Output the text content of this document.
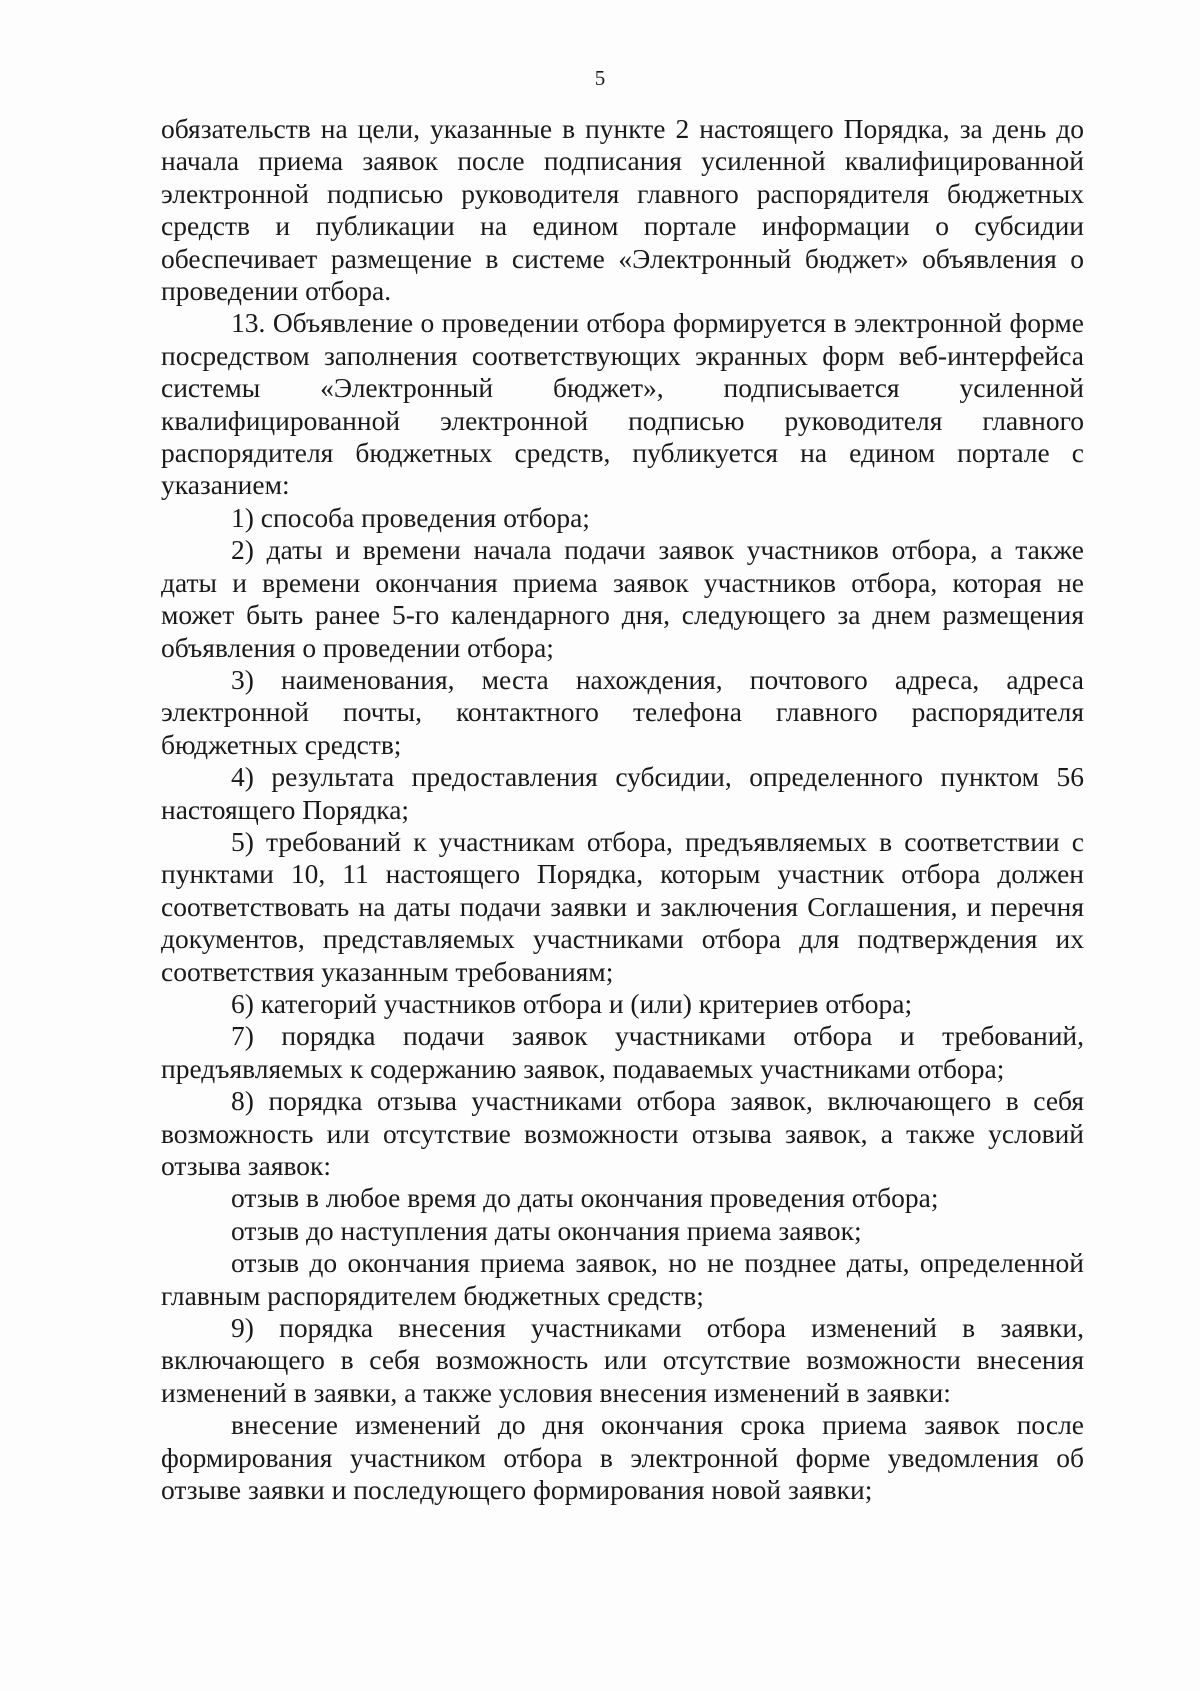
5

обязательств на цели, указанные в пункте 2 настоящего Порядка, за день до начала приема заявок после подписания усиленной квалифицированной электронной подписью руководителя главного распорядителя бюджетных средств и публикации на едином портале информации о субсидии обеспечивает размещение в системе «Электронный бюджет» объявления о проведении отбора.

13. Объявление о проведении отбора формируется в электронной форме посредством заполнения соответствующих экранных форм веб-интерфейса системы «Электронный бюджет», подписывается усиленной квалифицированной электронной подписью руководителя главного распорядителя бюджетных средств, публикуется на едином портале с указанием:

1) способа проведения отбора;

2) даты и времени начала подачи заявок участников отбора, а также даты и времени окончания приема заявок участников отбора, которая не может быть ранее 5-го календарного дня, следующего за днем размещения объявления о проведении отбора;

3) наименования, места нахождения, почтового адреса, адреса электронной почты, контактного телефона главного распорядителя бюджетных средств;

4) результата предоставления субсидии, определенного пунктом 56 настоящего Порядка;

5) требований к участникам отбора, предъявляемых в соответствии с пунктами 10, 11 настоящего Порядка, которым участник отбора должен соответствовать на даты подачи заявки и заключения Соглашения, и перечня документов, представляемых участниками отбора для подтверждения их соответствия указанным требованиям;

6) категорий участников отбора и (или) критериев отбора;

7) порядка подачи заявок участниками отбора и требований, предъявляемых к содержанию заявок, подаваемых участниками отбора;

8) порядка отзыва участниками отбора заявок, включающего в себя возможность или отсутствие возможности отзыва заявок, а также условий отзыва заявок:

отзыв в любое время до даты окончания проведения отбора;

отзыв до наступления даты окончания приема заявок;

отзыв до окончания приема заявок, но не позднее даты, определенной главным распорядителем бюджетных средств;

9) порядка внесения участниками отбора изменений в заявки, включающего в себя возможность или отсутствие возможности внесения изменений в заявки, а также условия внесения изменений в заявки:

внесение изменений до дня окончания срока приема заявок после формирования участником отбора в электронной форме уведомления об отзыве заявки и последующего формирования новой заявки;
